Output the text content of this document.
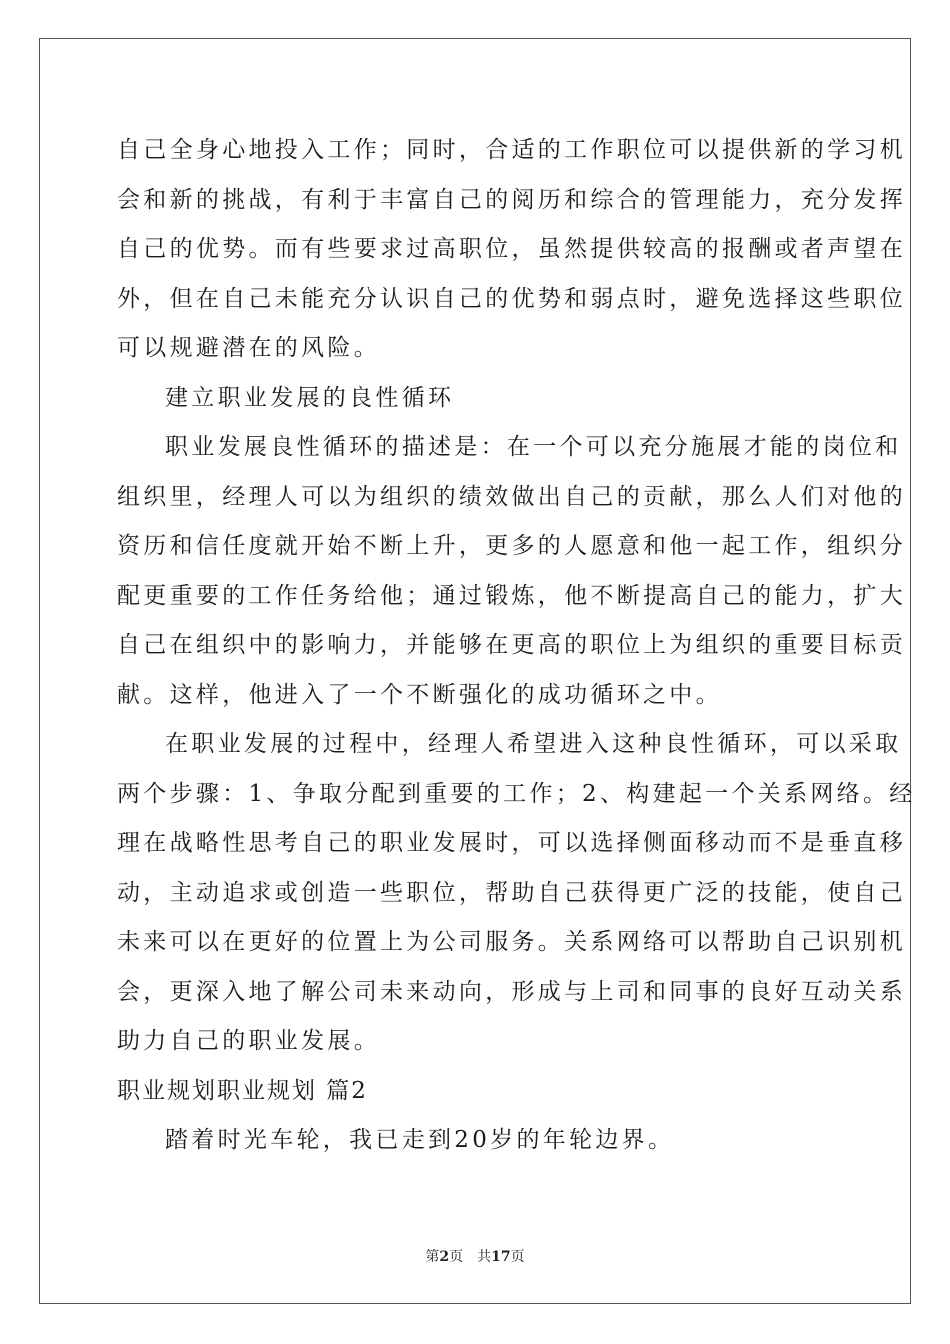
自己全身心地投入工作；同时，合适的工作职位可以提供新的学习机
会和新的挑战，有利于丰富自己的阅历和综合的管理能力，充分发挥
自己的优势。而有些要求过高职位，虽然提供较高的报酬或者声望在
外，但在自己未能充分认识自己的优势和弱点时，避免选择这些职位
可以规避潜在的风险。
建立职业发展的良性循环
职业发展良性循环的描述是：在一个可以充分施展才能的岗位和
组织里，经理人可以为组织的绩效做出自己的贡献，那么人们对他的
资历和信任度就开始不断上升，更多的人愿意和他一起工作，组织分
配更重要的工作任务给他；通过锻炼，他不断提高自己的能力，扩大
自己在组织中的影响力，并能够在更高的职位上为组织的重要目标贡
献。这样，他进入了一个不断强化的成功循环之中。
在职业发展的过程中，经理人希望进入这种良性循环，可以采取
两个步骤：1、争取分配到重要的工作；2、构建起一个关系网络。经
理在战略性思考自己的职业发展时，可以选择侧面移动而不是垂直移
动，主动追求或创造一些职位，帮助自己获得更广泛的技能，使自己
未来可以在更好的位置上为公司服务。关系网络可以帮助自己识别机
会，更深入地了解公司未来动向，形成与上司和同事的良好互动关系
助力自己的职业发展。
职业规划职业规划 篇2
踏着时光车轮，我已走到20岁的年轮边界。
第2页 共17页
